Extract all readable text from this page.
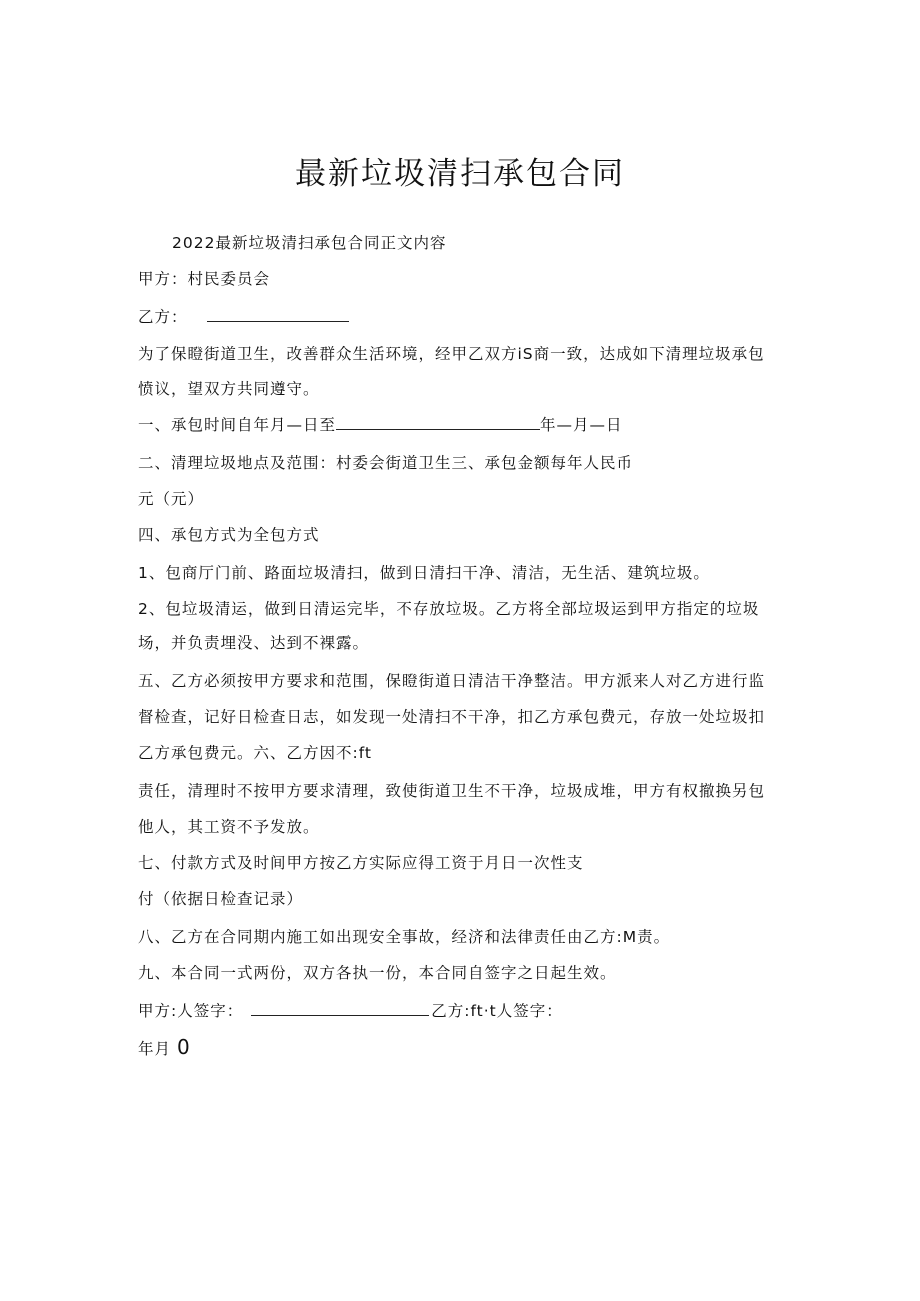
最新垃圾清扫承包合同
2022最新垃圾清扫承包合同正文内容
甲方：村民委员会
乙方：
为了保瞪街道卫生，改善群众生活环境，经甲乙双方iS商一致，达成如下清理垃圾承包
愤议，望双方共同遵守。
一、承包时间自年月—日至	年—月—日
二、清理垃圾地点及范围：村委会街道卫生三、承包金额每年人民币
元（元）
四、承包方式为全包方式
1、包商厅门前、路面垃圾清扫，做到日清扫干净、清洁，无生活、建筑垃圾。
2、包垃圾清运，做到日清运完毕，不存放垃圾。乙方将全部垃圾运到甲方指定的垃圾
场，并负责埋没、达到不裸露。
五、乙方必须按甲方要求和范围，保瞪街道日清洁干净整洁。甲方派来人对乙方进行监
督检查，记好日检查日志，如发现一处清扫不干净，扣乙方承包费元，存放一处垃圾扣
乙方承包费元。六、乙方因不:ft
责任，清理时不按甲方要求清理，致使街道卫生不干净，垃圾成堆，甲方有权撤换另包
他人，其工资不予发放。
七、付款方式及时间甲方按乙方实际应得工资于月日一次性支
付（依据日检查记录）
八、乙方在合同期内施工如出现安全事故，经济和法律责任由乙方:M责。
九、本合同一式两份，双方各执一份，本合同自签字之日起生效。
甲方:人签字：	乙方:ft·t人签字：
年月 0
